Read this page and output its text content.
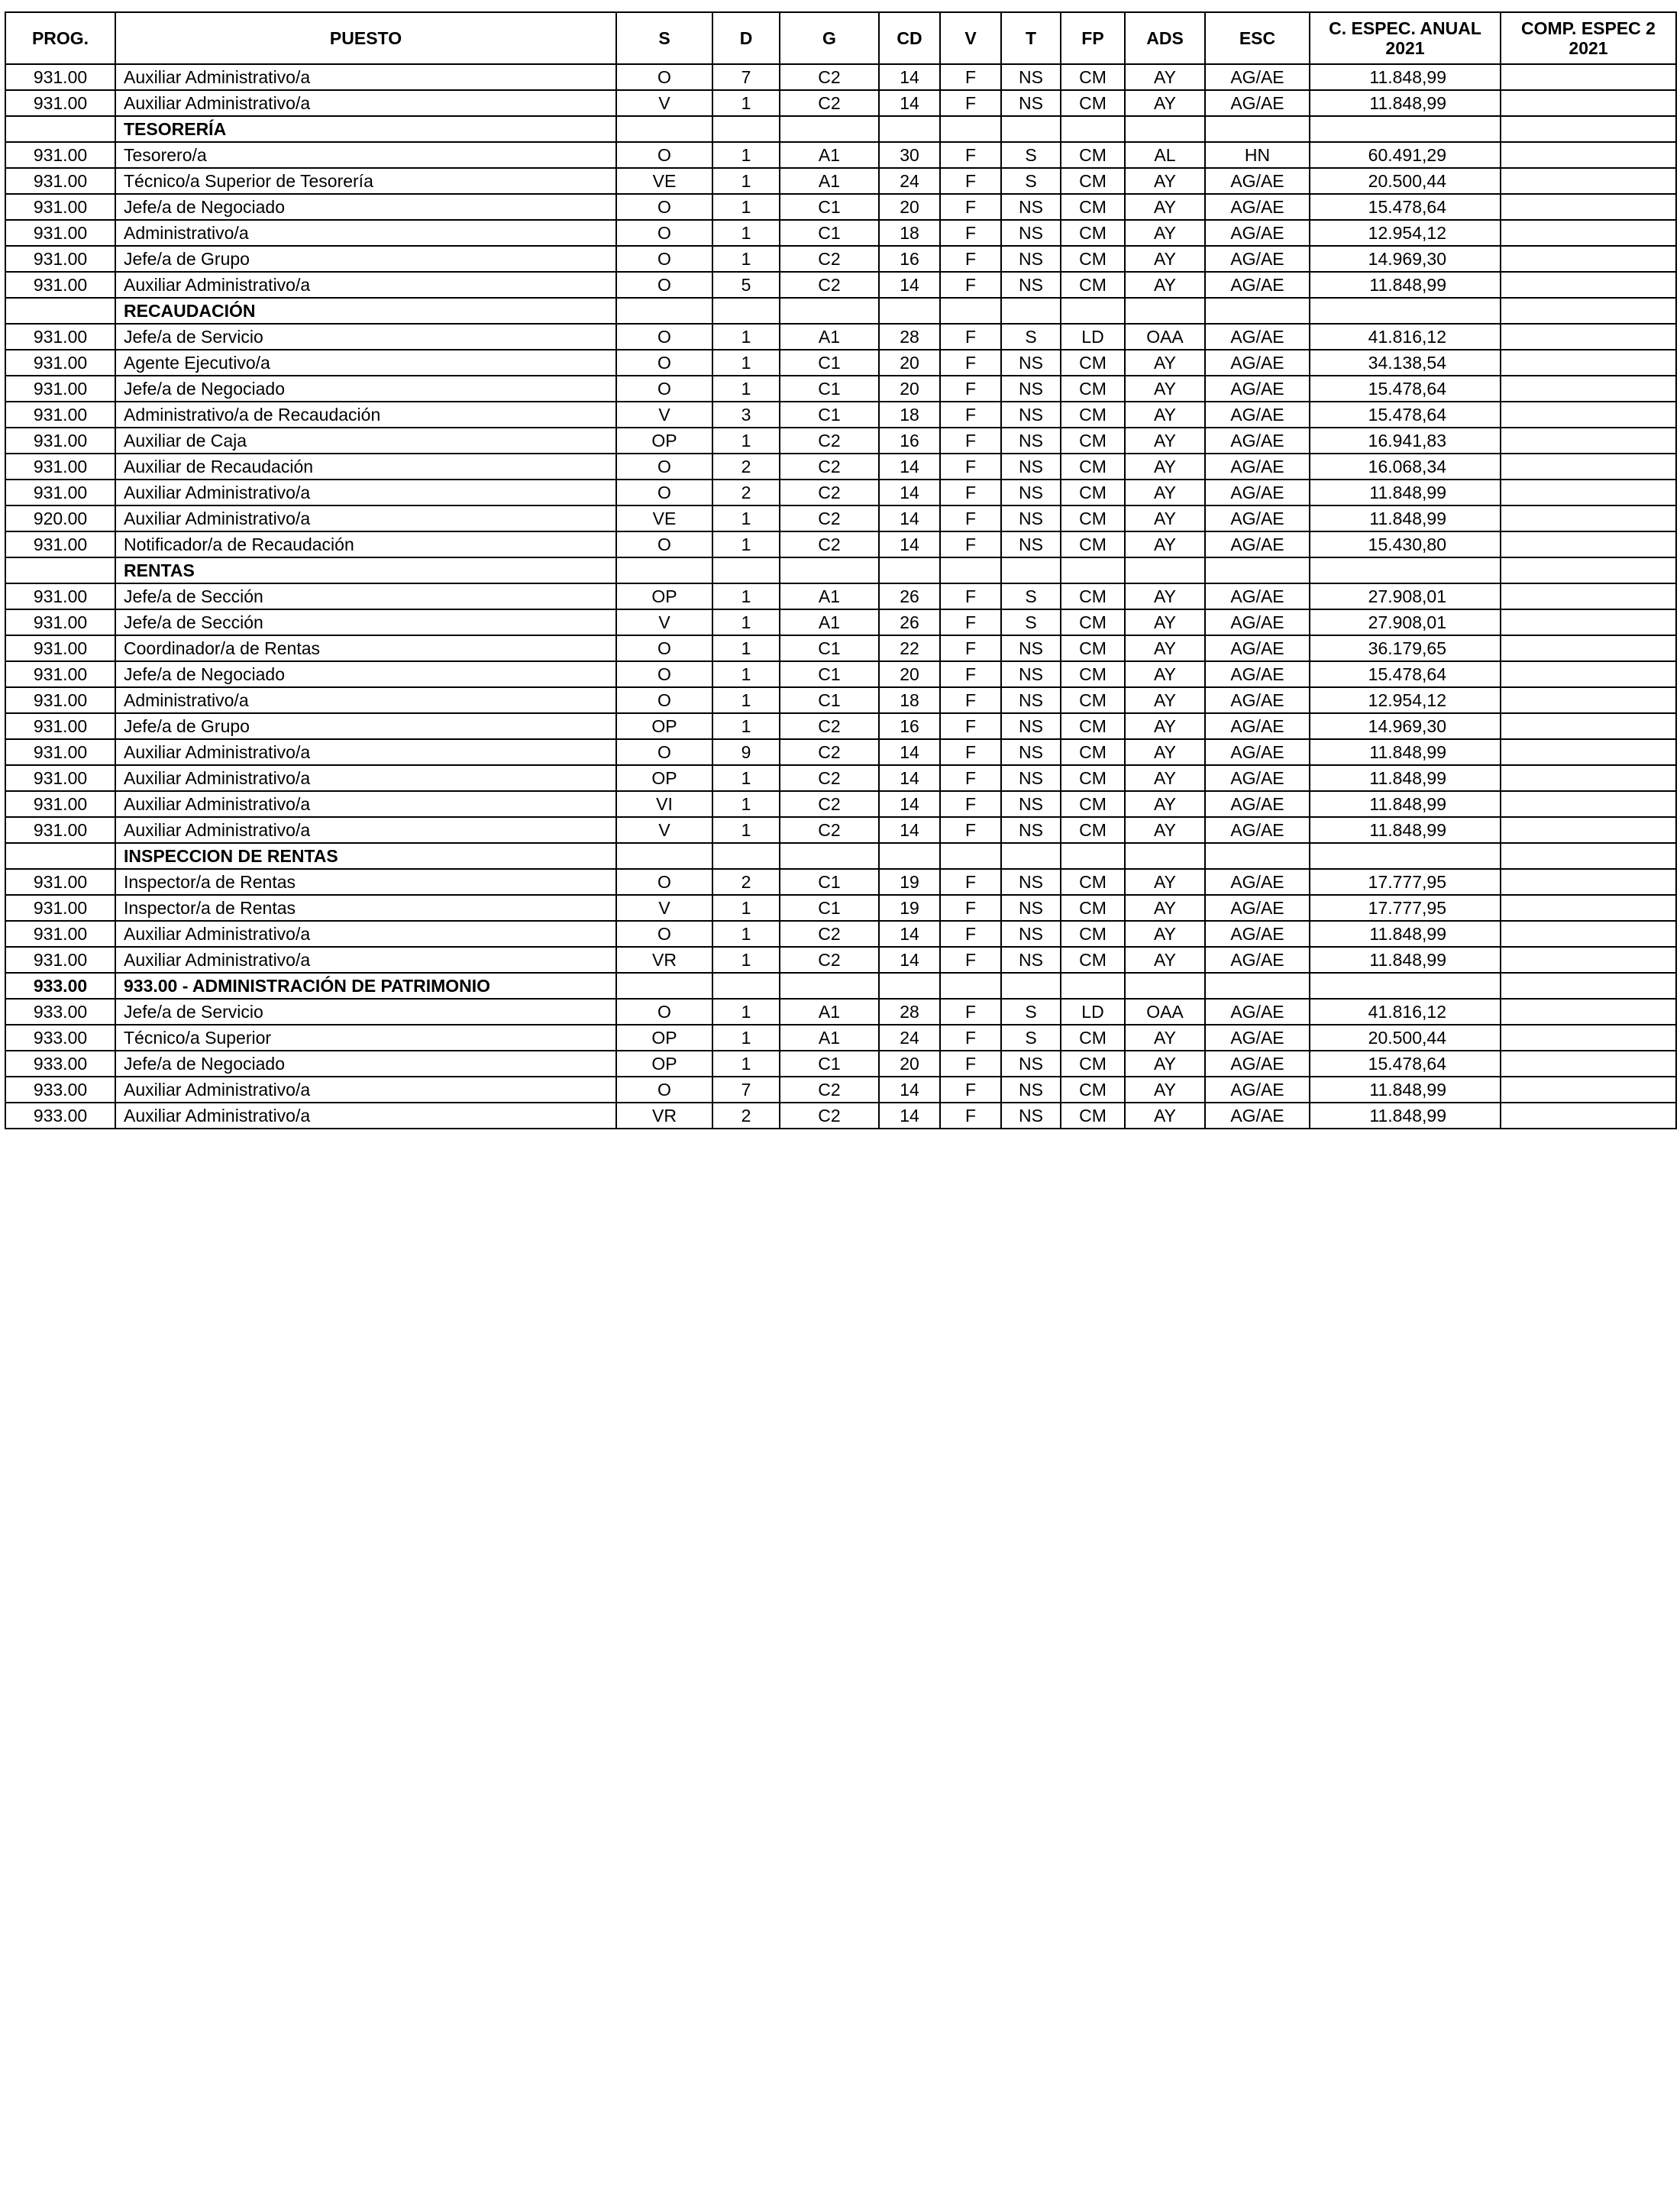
PROG.	PUESTO	S	D	G	CD	V	T	FP	ADS	ESC	C. ESPEC. ANUAL 2021	COMP. ESPEC 2 2021
931.00	Auxiliar Administrativo/a	O	7	C2	14	F	NS	CM	AY	AG/AE	11.848,99	
931.00	Auxiliar Administrativo/a	V	1	C2	14	F	NS	CM	AY	AG/AE	11.848,99	
	TESORERÍA											
931.00	Tesorero/a	O	1	A1	30	F	S	CM	AL	HN	60.491,29	
931.00	Técnico/a Superior de Tesorería	VE	1	A1	24	F	S	CM	AY	AG/AE	20.500,44	
931.00	Jefe/a de Negociado	O	1	C1	20	F	NS	CM	AY	AG/AE	15.478,64	
931.00	Administrativo/a	O	1	C1	18	F	NS	CM	AY	AG/AE	12.954,12	
931.00	Jefe/a de Grupo	O	1	C2	16	F	NS	CM	AY	AG/AE	14.969,30	
931.00	Auxiliar Administrativo/a	O	5	C2	14	F	NS	CM	AY	AG/AE	11.848,99	
	RECAUDACIÓN											
931.00	Jefe/a de Servicio	O	1	A1	28	F	S	LD	OAA	AG/AE	41.816,12	
931.00	Agente Ejecutivo/a	O	1	C1	20	F	NS	CM	AY	AG/AE	34.138,54	
931.00	Jefe/a de Negociado	O	1	C1	20	F	NS	CM	AY	AG/AE	15.478,64	
931.00	Administrativo/a de Recaudación	V	3	C1	18	F	NS	CM	AY	AG/AE	15.478,64	
931.00	Auxiliar de Caja	OP	1	C2	16	F	NS	CM	AY	AG/AE	16.941,83	
931.00	Auxiliar de Recaudación	O	2	C2	14	F	NS	CM	AY	AG/AE	16.068,34	
931.00	Auxiliar Administrativo/a	O	2	C2	14	F	NS	CM	AY	AG/AE	11.848,99	
920.00	Auxiliar Administrativo/a	VE	1	C2	14	F	NS	CM	AY	AG/AE	11.848,99	
931.00	Notificador/a de Recaudación	O	1	C2	14	F	NS	CM	AY	AG/AE	15.430,80	
	RENTAS											
931.00	Jefe/a de Sección	OP	1	A1	26	F	S	CM	AY	AG/AE	27.908,01	
931.00	Jefe/a de Sección	V	1	A1	26	F	S	CM	AY	AG/AE	27.908,01	
931.00	Coordinador/a de Rentas	O	1	C1	22	F	NS	CM	AY	AG/AE	36.179,65	
931.00	Jefe/a de Negociado	O	1	C1	20	F	NS	CM	AY	AG/AE	15.478,64	
931.00	Administrativo/a	O	1	C1	18	F	NS	CM	AY	AG/AE	12.954,12	
931.00	Jefe/a de Grupo	OP	1	C2	16	F	NS	CM	AY	AG/AE	14.969,30	
931.00	Auxiliar Administrativo/a	O	9	C2	14	F	NS	CM	AY	AG/AE	11.848,99	
931.00	Auxiliar Administrativo/a	OP	1	C2	14	F	NS	CM	AY	AG/AE	11.848,99	
931.00	Auxiliar Administrativo/a	VI	1	C2	14	F	NS	CM	AY	AG/AE	11.848,99	
931.00	Auxiliar Administrativo/a	V	1	C2	14	F	NS	CM	AY	AG/AE	11.848,99	
	INSPECCION DE RENTAS											
931.00	Inspector/a de Rentas	O	2	C1	19	F	NS	CM	AY	AG/AE	17.777,95	
931.00	Inspector/a de Rentas	V	1	C1	19	F	NS	CM	AY	AG/AE	17.777,95	
931.00	Auxiliar Administrativo/a	O	1	C2	14	F	NS	CM	AY	AG/AE	11.848,99	
931.00	Auxiliar Administrativo/a	VR	1	C2	14	F	NS	CM	AY	AG/AE	11.848,99	
933.00	933.00 - ADMINISTRACIÓN DE PATRIMONIO											
933.00	Jefe/a de Servicio	O	1	A1	28	F	S	LD	OAA	AG/AE	41.816,12	
933.00	Técnico/a Superior	OP	1	A1	24	F	S	CM	AY	AG/AE	20.500,44	
933.00	Jefe/a de Negociado	OP	1	C1	20	F	NS	CM	AY	AG/AE	15.478,64	
933.00	Auxiliar Administrativo/a	O	7	C2	14	F	NS	CM	AY	AG/AE	11.848,99	
933.00	Auxiliar Administrativo/a	VR	2	C2	14	F	NS	CM	AY	AG/AE	11.848,99	
